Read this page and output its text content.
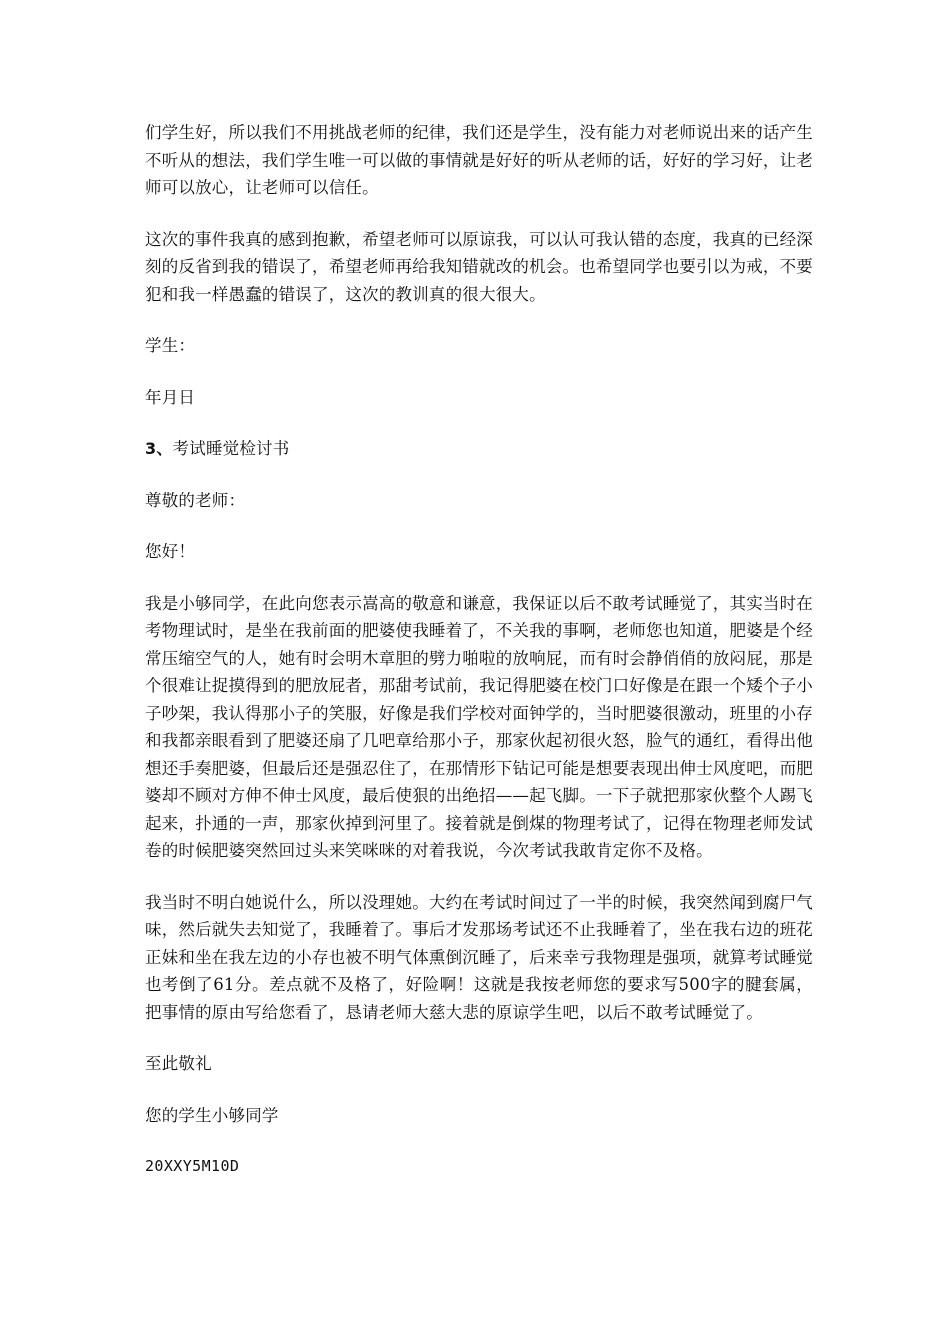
们学生好，所以我们不用挑战老师的纪律，我们还是学生，没有能力对老师说出来的话产生不听从的想法，我们学生唯一可以做的事情就是好好的听从老师的话，好好的学习好，让老师可以放心，让老师可以信任。

这次的事件我真的感到抱歉，希望老师可以原谅我，可以认可我认错的态度，我真的已经深刻的反省到我的错误了，希望老师再给我知错就改的机会。也希望同学也要引以为戒，不要犯和我一样愚蠢的错误了，这次的教训真的很大很大。

学生：

年月日

3、考试睡觉检讨书

尊敬的老师：

您好！

我是小够同学，在此向您表示嵩高的敬意和谦意，我保证以后不敢考试睡觉了，其实当时在考物理试时，是坐在我前面的肥婆使我睡着了，不关我的事啊，老师您也知道，肥婆是个经常压缩空气的人，她有时会明木章胆的劈力啪啦的放响屁，而有时会静俏俏的放闷屁，那是个很难让捉摸得到的肥放屁者，那甜考试前，我记得肥婆在校门口好像是在跟一个矮个子小子吵架，我认得那小子的笑服，好像是我们学校对面钟学的，当时肥婆很激动，班里的小存和我都亲眼看到了肥婆还扇了几吧章给那小子，那家伙起初很火怒，脸气的通红，看得出他想还手奏肥婆，但最后还是强忍住了，在那情形下钻记可能是想要表现出伸士风度吧，而肥婆却不顾对方伸不伸士风度，最后使狠的出绝招——起飞脚。一下子就把那家伙整个人踢飞起来，扑通的一声，那家伙掉到河里了。接着就是倒煤的物理考试了，记得在物理老师发试卷的时候肥婆突然回过头来笑咪咪的对着我说，今次考试我敢肯定你不及格。

我当时不明白她说什么，所以没理她。大约在考试时间过了一半的时候，我突然闻到腐尸气味，然后就失去知觉了，我睡着了。事后才发那场考试还不止我睡着了，坐在我右边的班花正妹和坐在我左边的小存也被不明气体熏倒沉睡了，后来幸亏我物理是强项，就算考试睡觉也考倒了61分。差点就不及格了，好险啊！这就是我按老师您的要求写500字的腱套属，把事情的原由写给您看了，恳请老师大慈大悲的原谅学生吧，以后不敢考试睡觉了。

至此敬礼

您的学生小够同学

20XXY5M10D
